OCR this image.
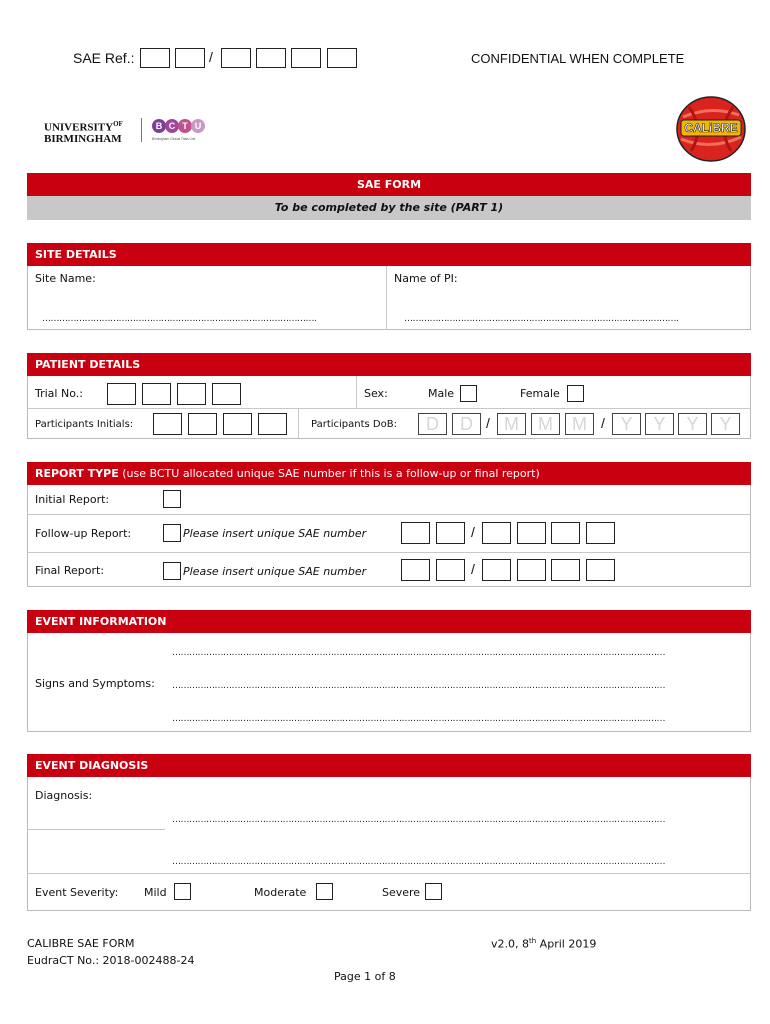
SAE Ref.:	/	CONFIDENTIAL WHEN COMPLETE
$UNIVERSITY^{OF}$
BIRMINGHAM
B C T U
Birmingham Clinical Trials Unit
CALiBRE
SAE FORM
To be completed by the site (PART 1)
SITE DETAILS
Site Name:	Name of PI:
…………………………………………………………………………………….	…………………………………………………………………………………….
PATIENT DETAILS
Trial No.:	Sex:	Male	Female
Participants Initials:	Participants DoB:	D	D / M	M	M	/ Y	Y	Y	Y
REPORT TYPE (use BCTU allocated unique SAE number if this is a follow-up or final report)
Initial Report:
Follow-up Report:	Please insert unique SAE number	/
Final Report:	Please insert unique SAE number	/
EVENT INFORMATION
Signs and Symptoms:
…………………………………………………………………………………………………………………………………………………………
…………………………………………………………………………………………………………………………………………………………
…………………………………………………………………………………………………………………………………………………………
EVENT DIAGNOSIS
Diagnosis:
…………………………………………………………………………………………………………………………………………………………
…………………………………………………………………………………………………………………………………………………………
Event Severity: Mild	Moderate	Severe
CALIBRE SAE FORM
EudraCT No.: 2018-002488-24
v2.0, 8th April 2019
Page 1 of 8
